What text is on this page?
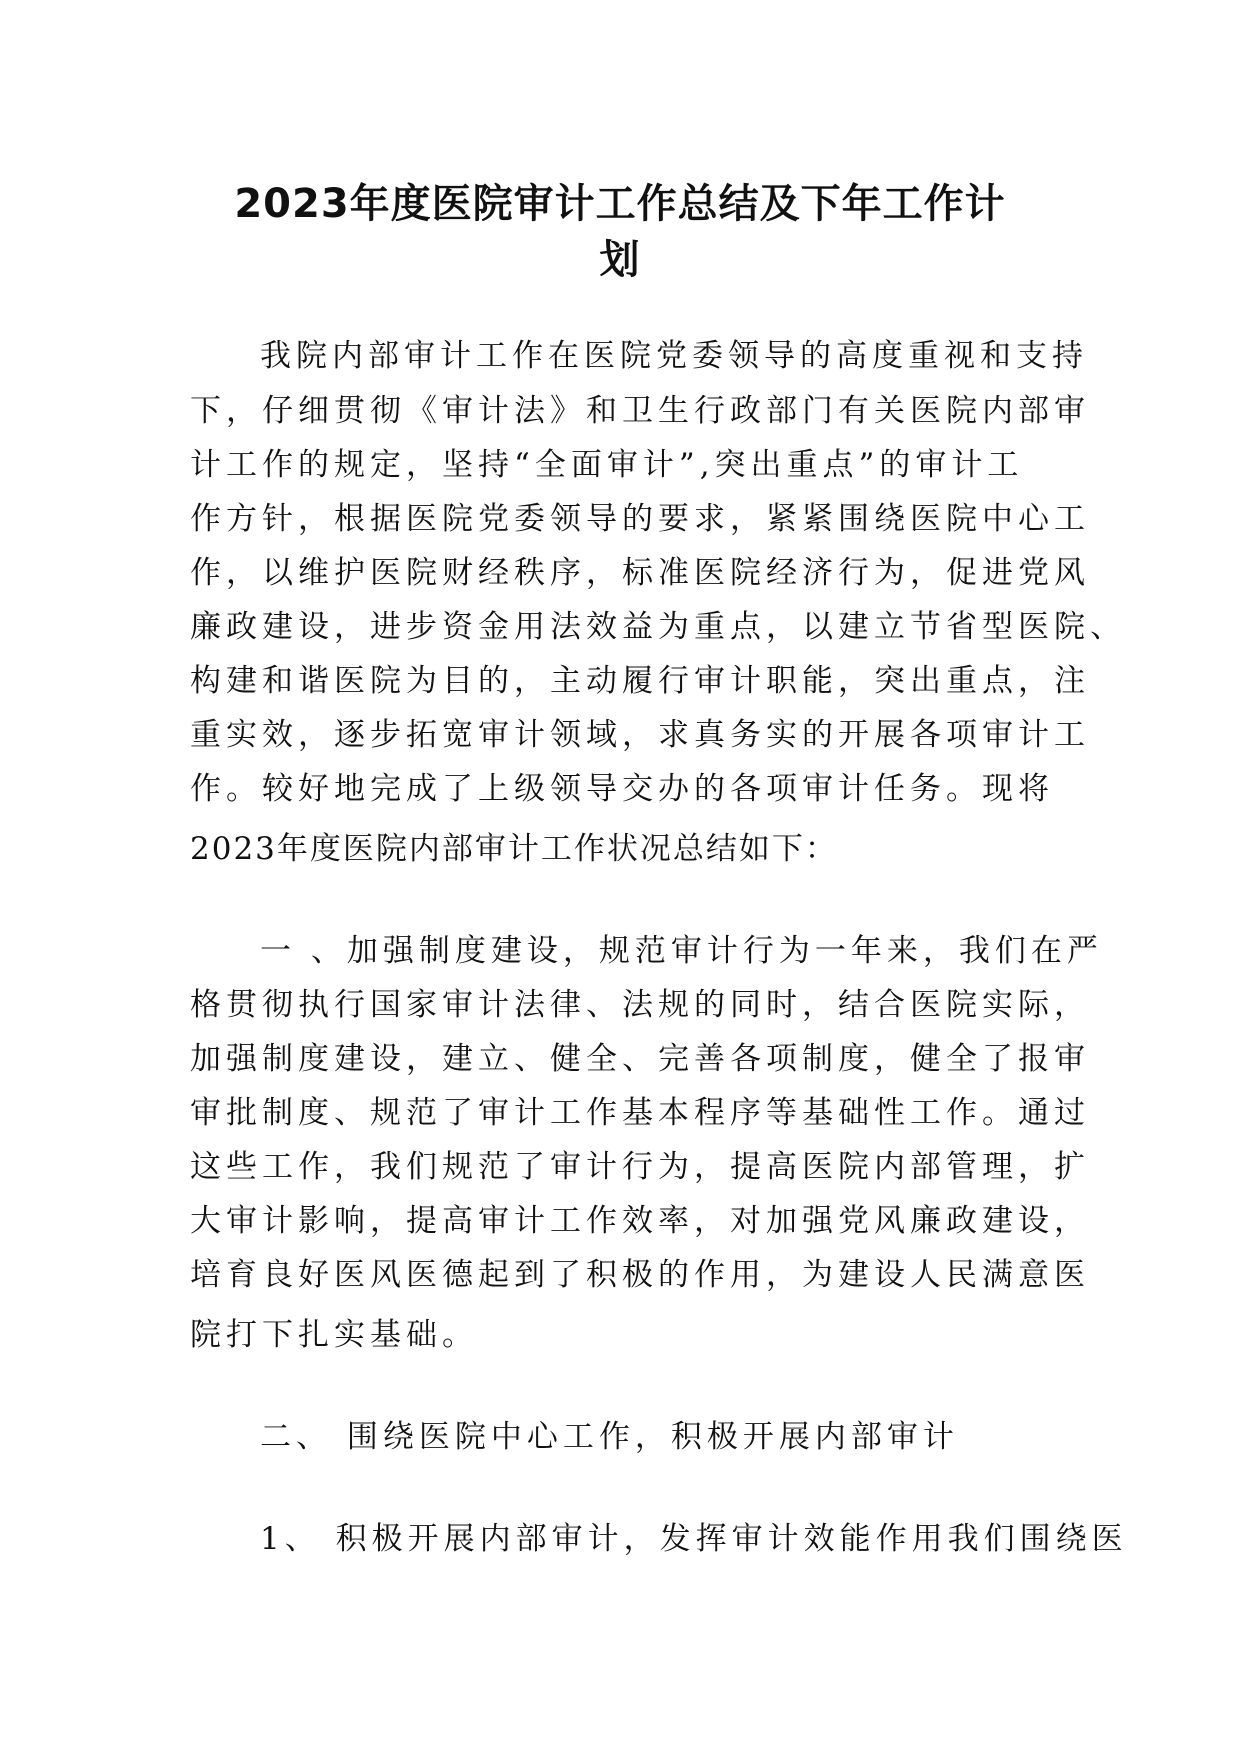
2023年度医院审计工作总结及下年工作计
划
我院内部审计工作在医院党委领导的高度重视和支持
下，仔细贯彻《审计法》和卫生行政部门有关医院内部审
计工作的规定，坚持“全面审计”,突出重点”的审计工
作方针，根据医院党委领导的要求，紧紧围绕医院中心工
作，以维护医院财经秩序，标准医院经济行为，促进党风
廉政建设，进步资金用法效益为重点，以建立节省型医院、
构建和谐医院为目的，主动履行审计职能，突出重点，注
重实效，逐步拓宽审计领域，求真务实的开展各项审计工
作。较好地完成了上级领导交办的各项审计任务。现将
2023年度医院内部审计工作状况总结如下：
一 、加强制度建设，规范审计行为一年来，我们在严
格贯彻执行国家审计法律、法规的同时，结合医院实际，
加强制度建设，建立、健全、完善各项制度，健全了报审
审批制度、规范了审计工作基本程序等基础性工作。通过
这些工作，我们规范了审计行为，提高医院内部管理，扩
大审计影响，提高审计工作效率，对加强党风廉政建设，
培育良好医风医德起到了积极的作用，为建设人民满意医
院打下扎实基础。
二、 围绕医院中心工作，积极开展内部审计
1、 积极开展内部审计，发挥审计效能作用我们围绕医
